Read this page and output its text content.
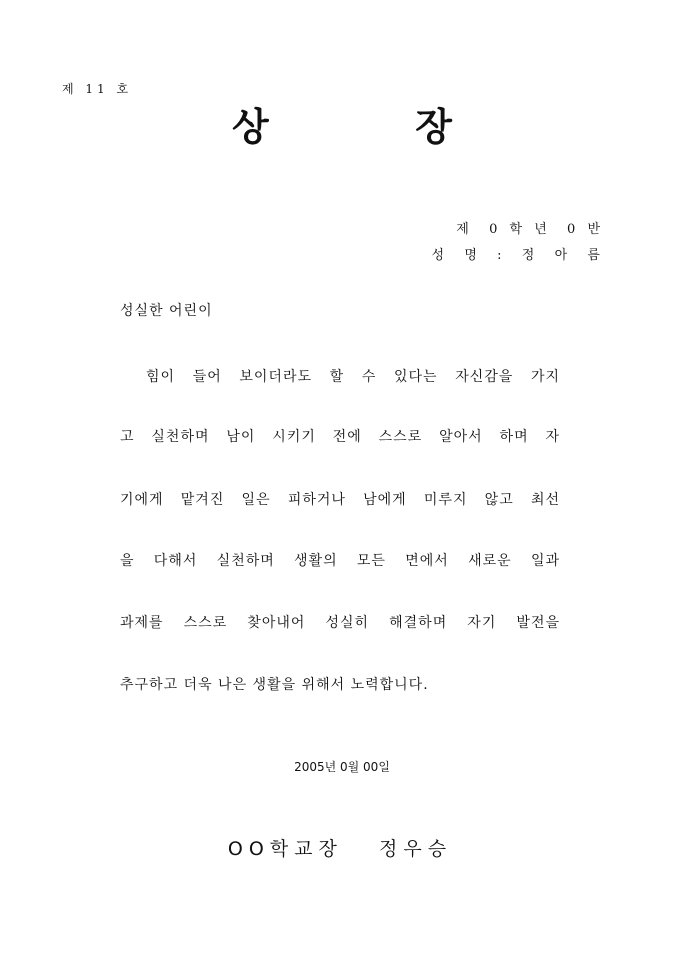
제 11 호
상	장
제  0 학 년  0 반
성  명  :  정  아  름
성실한 어린이
힘이 들어 보이더라도 할 수 있다는 자신감을 가지
고 실천하며 남이 시키기 전에 스스로 알아서 하며 자
기에게 맡겨진 일은 피하거나 남에게 미루지 않고 최선
을 다해서 실천하며 생활의 모든 면에서 새로운 일과
과제를 스스로 찾아내어 성실히 해결하며 자기 발전을
추구하고 더욱 나은 생활을 위해서 노력합니다.
2005년 0월 00일
OO학교장   정우승
